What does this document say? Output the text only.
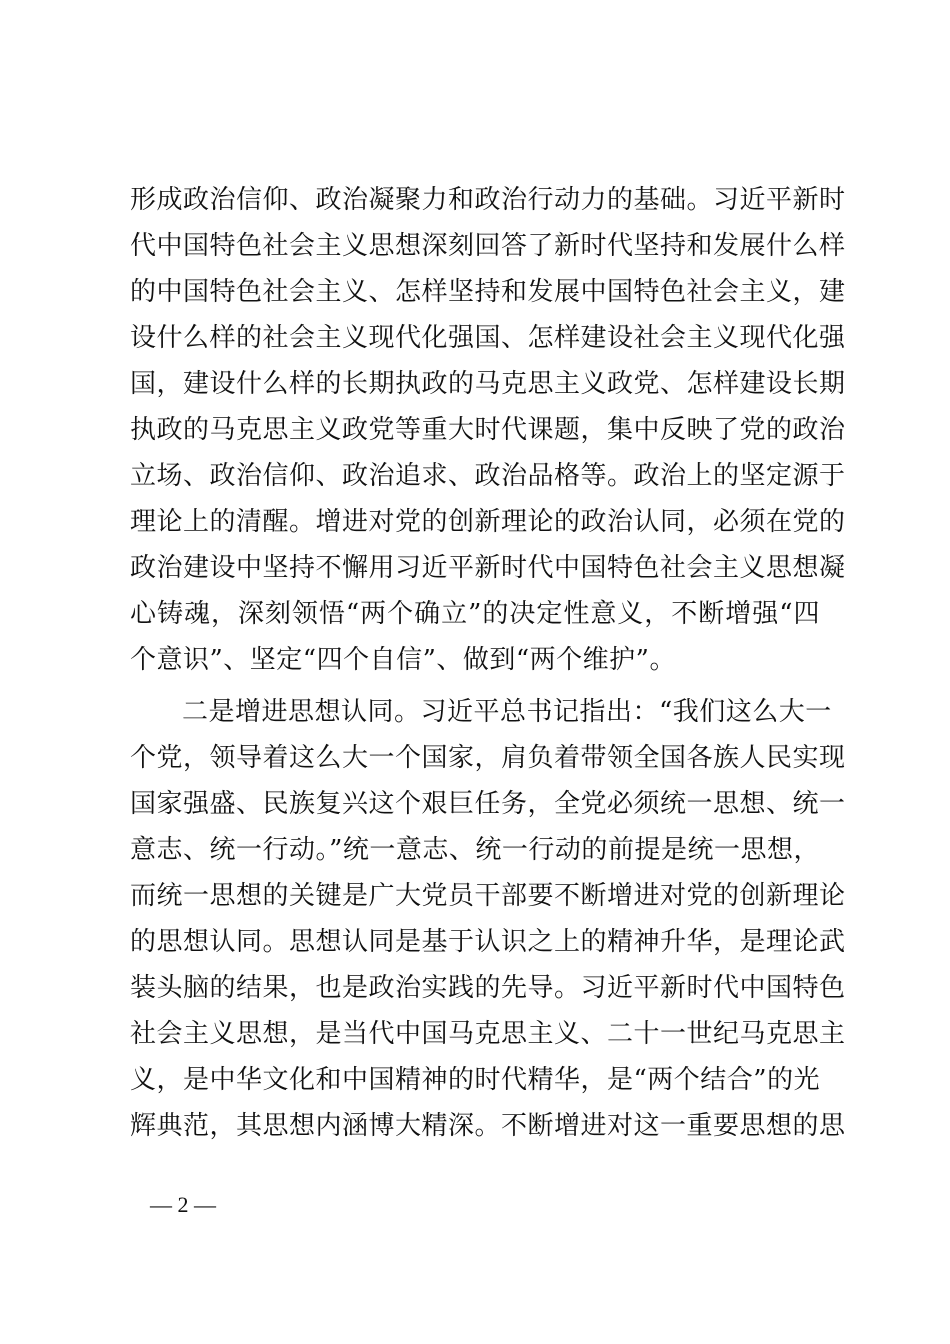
形成政治信仰、政治凝聚力和政治行动力的基础。习近平新时
代中国特色社会主义思想深刻回答了新时代坚持和发展什么样
的中国特色社会主义、怎样坚持和发展中国特色社会主义，建
设什么样的社会主义现代化强国、怎样建设社会主义现代化强
国，建设什么样的长期执政的马克思主义政党、怎样建设长期
执政的马克思主义政党等重大时代课题，集中反映了党的政治
立场、政治信仰、政治追求、政治品格等。政治上的坚定源于
理论上的清醒。增进对党的创新理论的政治认同，必须在党的
政治建设中坚持不懈用习近平新时代中国特色社会主义思想凝
心铸魂，深刻领悟“两个确立”的决定性意义，不断增强“四
个意识”、坚定“四个自信”、做到“两个维护”。
二是增进思想认同。习近平总书记指出：“我们这么大一
个党，领导着这么大一个国家，肩负着带领全国各族人民实现
国家强盛、民族复兴这个艰巨任务，全党必须统一思想、统一
意志、统一行动。”统一意志、统一行动的前提是统一思想，
而统一思想的关键是广大党员干部要不断增进对党的创新理论
的思想认同。思想认同是基于认识之上的精神升华，是理论武
装头脑的结果，也是政治实践的先导。习近平新时代中国特色
社会主义思想，是当代中国马克思主义、二十一世纪马克思主
义，是中华文化和中国精神的时代精华，是“两个结合”的光
辉典范，其思想内涵博大精深。不断增进对这一重要思想的思
— 2 —
